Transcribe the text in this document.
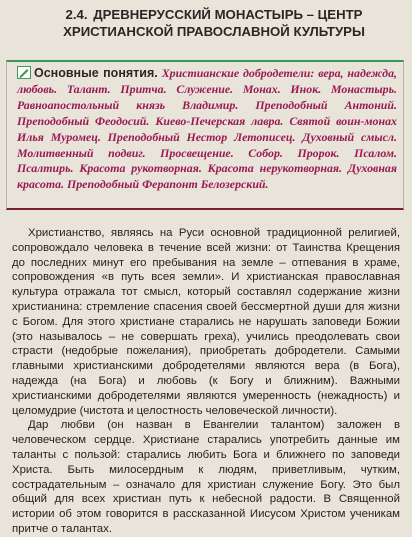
2.4. ДРЕВНЕРУССКИЙ МОНАСТЫРЬ – ЦЕНТР ХРИСТИАНСКОЙ ПРАВОСЛАВНОЙ КУЛЬТУРЫ
Основные понятия. Христианские добродетели: вера, надежда, любовь. Талант. Притча. Служение. Монах. Инок. Монастырь. Равноапостольный князь Владимир. Преподобный Антоний. Преподобный Феодосий. Киево-Печерская лавра. Святой воин-монах Илья Муромец. Преподобный Нестор Летописец. Духовный смысл. Молитвенный подвиг. Просвещение. Собор. Пророк. Псалом. Псалтирь. Красота рукотворная. Красота нерукотворная. Духовная красота. Преподобный Ферапонт Белозерский.

Христианство, являясь на Руси основной традиционной религией, сопровождало человека в течение всей жизни: от Таинства Крещения до последних минут его пребывания на земле – отпевания в храме, сопровождения «в путь всея земли». И христианская православная культура отражала тот смысл, который составлял содержание жизни христианина: стремление спасения своей бессмертной души для жизни с Богом. Для этого христиане старались не нарушать заповеди Божии (это называлось – не совершать греха), учились преодолевать свои страсти (недобрые пожелания), приобретать добродетели. Самыми главными христианскими добродетелями являются вера (в Бога), надежда (на Бога) и любовь (к Богу и ближним). Важными христианскими добродетелями являются умеренность (нежадность) и целомудрие (чистота и целостность человеческой личности).

Дар любви (он назван в Евангелии талантом) заложен в человеческом сердце. Христиане старались употребить данные им таланты с пользой: старались любить Бога и ближнего по заповеди Христа. Быть милосердным к людям, приветливым, чутким, сострадательным – означало для христиан служение Богу. Это был общий для всех христиан путь к небесной радости. В Священной истории об этом говорится в рассказанной Иисусом Христом ученикам притче о талантах.
